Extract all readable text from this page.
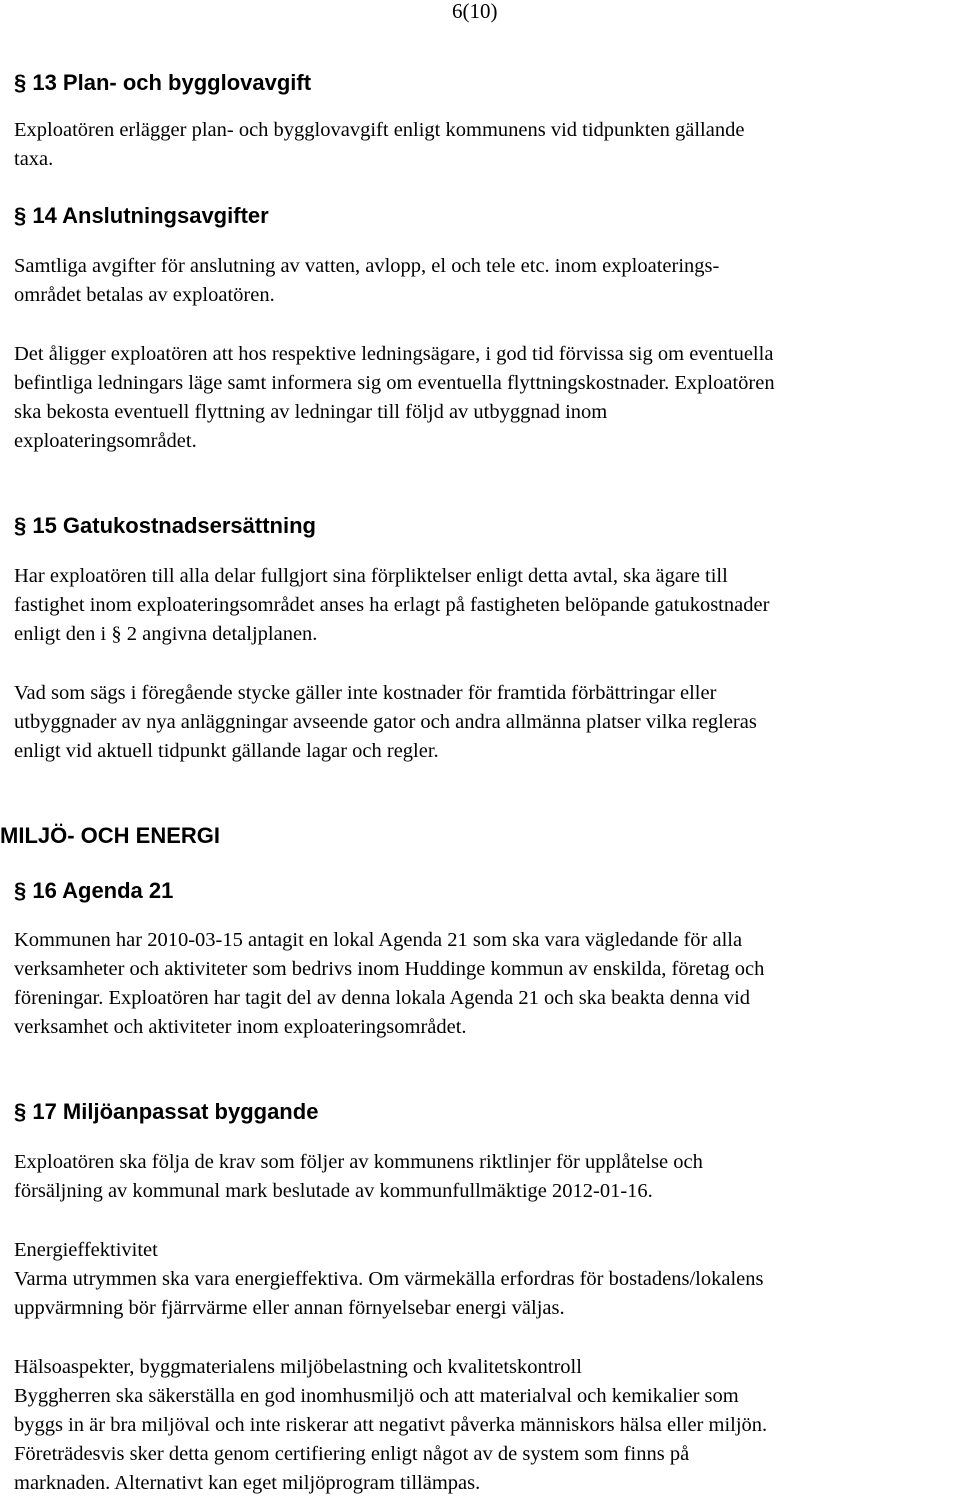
6(10)
§ 13 Plan- och bygglovavgift

Exploatören erlägger plan- och bygglovavgift enligt kommunens vid tidpunkten gällande
taxa.

§ 14 Anslutningsavgifter

Samtliga avgifter för anslutning av vatten, avlopp, el och tele etc. inom exploaterings-
området betalas av exploatören.

Det åligger exploatören att hos respektive ledningsägare, i god tid förvissa sig om eventuella
befintliga ledningars läge samt informera sig om eventuella flyttningskostnader. Exploatören
ska bekosta eventuell flyttning av ledningar till följd av utbyggnad inom
exploateringsområdet.

§ 15 Gatukostnadsersättning

Har exploatören till alla delar fullgjort sina förpliktelser enligt detta avtal, ska ägare till
fastighet inom exploateringsområdet anses ha erlagt på fastigheten belöpande gatukostnader
enligt den i § 2 angivna detaljplanen.

Vad som sägs i föregående stycke gäller inte kostnader för framtida förbättringar eller
utbyggnader av nya anläggningar avseende gator och andra allmänna platser vilka regleras
enligt vid aktuell tidpunkt gällande lagar och regler.

MILJÖ- OCH ENERGI
§ 16 Agenda 21

Kommunen har 2010-03-15 antagit en lokal Agenda 21 som ska vara vägledande för alla
verksamheter och aktiviteter som bedrivs inom Huddinge kommun av enskilda, företag och
föreningar. Exploatören har tagit del av denna lokala Agenda 21 och ska beakta denna vid
verksamhet och aktiviteter inom exploateringsområdet.

§ 17 Miljöanpassat byggande

Exploatören ska följa de krav som följer av kommunens riktlinjer för upplåtelse och
försäljning av kommunal mark beslutade av kommunfullmäktige 2012-01-16.

Energieffektivitet

Varma utrymmen ska vara energieffektiva. Om värmekälla erfordras för bostadens/lokalens
uppvärmning bör fjärrvärme eller annan förnyelsebar energi väljas.

Hälsoaspekter, byggmaterialens miljöbelastning och kvalitetskontroll

Byggherren ska säkerställa en god inomhusmiljö och att materialval och kemikalier som
byggs in är bra miljöval och inte riskerar att negativt påverka människors hälsa eller miljön.
Företrädesvis sker detta genom certifiering enligt något av de system som finns på
marknaden. Alternativt kan eget miljöprogram tillämpas.
